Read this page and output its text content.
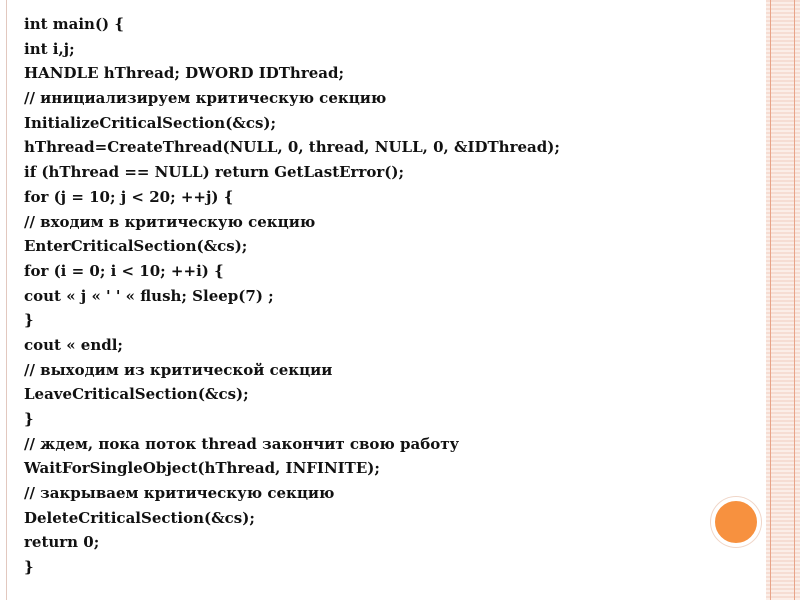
int main() {
int i,j;
HANDLE hThread; DWORD IDThread;
// инициализируем критическую секцию
InitializeCriticalSection(&cs);
hThread=CreateThread(NULL, 0, thread, NULL, 0, &IDThread);
if (hThread == NULL) return GetLastError();
for (j = 10; j < 20; ++j) {
// входим в критическую секцию
EnterCriticalSection(&cs);
for (i = 0; i < 10; ++i) {
cout « j « ' ' « flush; Sleep(7) ;
}
cout « endl;
// выходим из критической секции
LeaveCriticalSection(&cs);
}
// ждем, пока поток thread закончит свою работу
WaitForSingleObject(hThread, INFINITE);
// закрываем критическую секцию
DeleteCriticalSection(&cs);
return 0;
}
